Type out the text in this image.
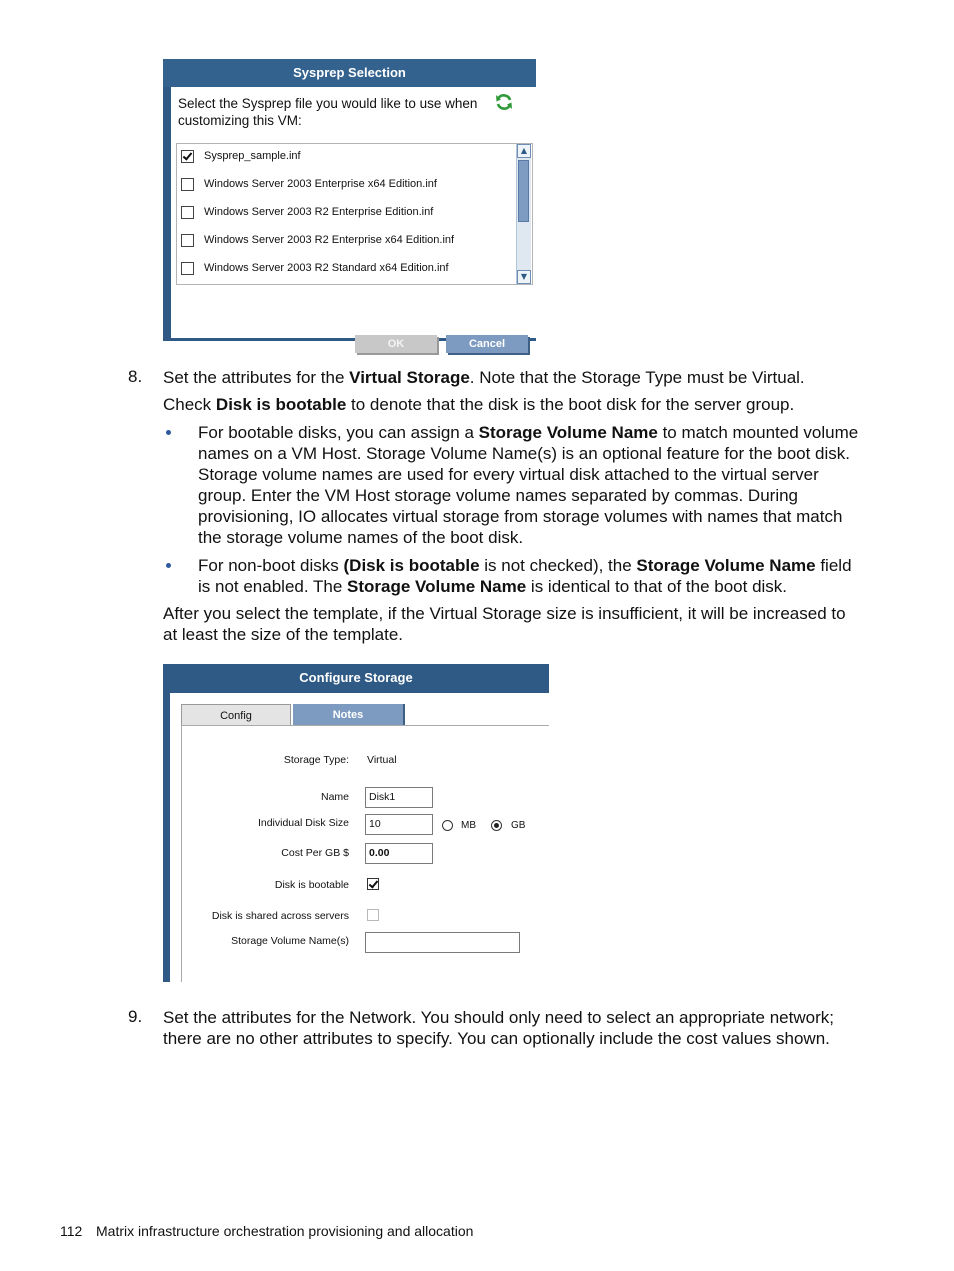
Sysprep Selection
Select the Sysprep file you would like to use when customizing this VM:
Sysprep_sample.inf
Windows Server 2003 Enterprise x64 Edition.inf
Windows Server 2003 R2 Enterprise Edition.inf
Windows Server 2003 R2 Enterprise x64 Edition.inf
Windows Server 2003 R2 Standard x64 Edition.inf
▲
▼
OK	Cancel
8. Set the attributes for the Virtual Storage. Note that the Storage Type must be Virtual.
Check Disk is bootable to denote that the disk is the boot disk for the server group.
For bootable disks, you can assign a Storage Volume Name to match mounted volume names on a VM Host. Storage Volume Name(s) is an optional feature for the boot disk. Storage volume names are used for every virtual disk attached to the virtual server group. Enter the VM Host storage volume names separated by commas. During provisioning, IO allocates virtual storage from storage volumes with names that match the storage volume names of the boot disk.
For non-boot disks (Disk is bootable is not checked), the Storage Volume Name field is not enabled. The Storage Volume Name is identical to that of the boot disk.
After you select the template, if the Virtual Storage size is insufficient, it will be increased to at least the size of the template.
Configure Storage
Config	Notes
Storage Type: Virtual
Name	Disk1
Individual Disk Size	10	MB	GB
Cost Per GB $	0.00
Disk is bootable
Disk is shared across servers
Storage Volume Name(s)
9. Set the attributes for the Network. You should only need to select an appropriate network; there are no other attributes to specify. You can optionally include the cost values shown.
112 Matrix infrastructure orchestration provisioning and allocation
